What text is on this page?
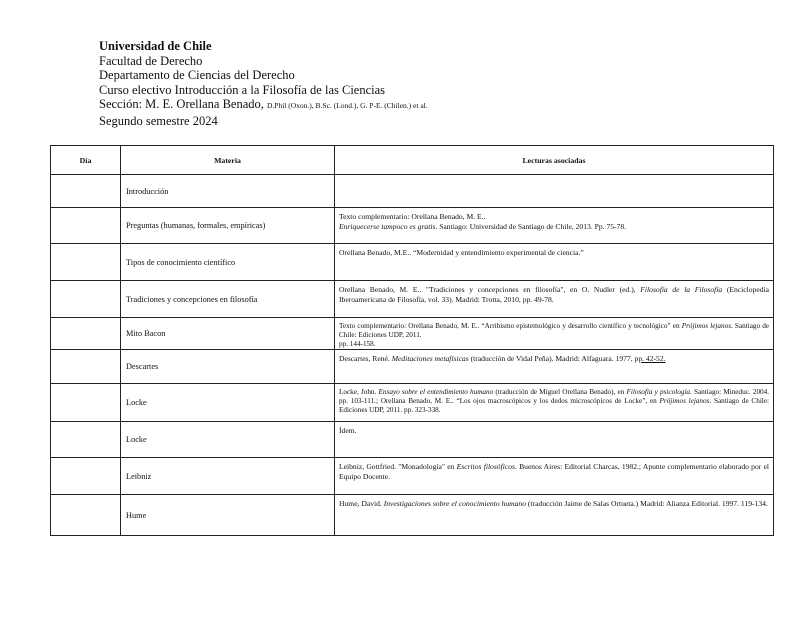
Universidad de Chile
Facultad de Derecho
Departamento de Ciencias del Derecho
Curso electivo Introducción a la Filosofía de las Ciencias
Sección: M. E. Orellana Benado, D.Phil (Oxon.), B.Sc. (Lond.), G. P-E. (Chilen.) et al.
Segundo semestre 2024
Día	Materia	Lecturas asociadas
	Introducción	
	Preguntas (humanas, formales, empíricas)	Texto complementario: Orellana Benado, M. E..
Enriquecerse tampoco es gratis. Santiago: Universidad de Santiago de Chile, 2013. Pp. 75-78.
	Tipos de conocimiento científico	Orellana Benado, M.E.. “Modernidad y entendimiento experimental de ciencia.”
	Tradiciones y concepciones en filosofía	Orellana Benado, M. E.. "Tradiciones y concepciones en filosofía", en O. Nudler (ed.), Filosofía de la Filosofía (Enciclopedia Iberoamericana de Filosofía, vol. 33). Madrid: Trotta, 2010, pp. 49-78.
	Mito Bacon	Texto complementario: Orellana Benado, M. E.. “Arribismo epistemológico y desarrollo científico y tecnológico” en Prójimos lejanos. Santiago de Chile: Ediciones UDP, 2011.
pp. 144-158.
	Descartes	Descartes, René. Meditaciones metafísicas (traducción de Vidal Peña). Madrid: Alfaguara. 1977, pp. 42-52.
	Locke	Locke, John. Ensayo sobre el entendimiento humano (traducción de Miguel Orellana Benado), en Filosofía y psicología. Santiago: Mineduc. 2004. pp. 103-111.; Orellana Benado, M. E.. “Los ojos macroscópicos y los dedos microscópicos de Locke”, en Prójimos lejanos. Santiago de Chile: Ediciones UDP, 2011. pp. 323-338.
	Locke	Ídem.
	Leibniz	Leibniz, Gottfried. "Monadología" en Escritos filosóficos. Buenos Aires: Editorial Charcas, 1982.; Apunte complementario elaborado por el Equipo Docente.
	Hume	Hume, David. Investigaciones sobre el conocimiento humano (traducción Jaime de Salas Ortueta.) Madrid: Alianza Editorial. 1997. 119-134.
